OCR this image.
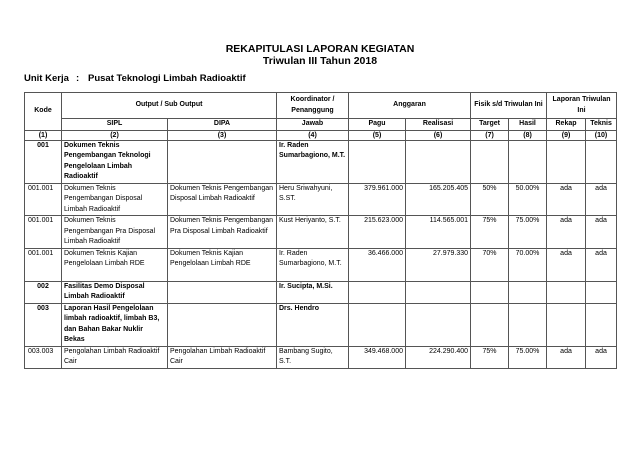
REKAPITULASI LAPORAN KEGIATAN
Triwulan III Tahun 2018
Unit Kerja : Pusat Teknologi Limbah Radioaktif
Kode	Output / Sub Output		Koordinator / Penanggung	Anggaran		Fisik s/d Triwulan Ini		Laporan Triwulan Ini	
	SIPL	DIPA	Jawab	Pagu	Realisasi	Target	Hasil	Rekap	Teknis
(1)	(2)	(3)	(4)	(5)	(6)	(7)	(8)	(9)	(10)
001	Dokumen Teknis Pengembangan Teknologi Pengelolaan Limbah Radioaktif		Ir. Raden Sumarbagiono, M.T.						
001.001	Dokumen Teknis Pengembangan Disposal Limbah Radioaktif	Dokumen Teknis Pengembangan Disposal Limbah Radioaktif	Heru Sriwahyuni, S.ST.	379.961.000	165.205.405	50%	50.00%	ada	ada
001.001	Dokumen Teknis Pengembangan Pra Disposal Limbah Radioaktif	Dokumen Teknis Pengembangan Pra Disposal Limbah Radioaktif	Kust Heriyanto, S.T.	215.623.000	114.565.001	75%	75.00%	ada	ada
001.001	Dokumen Teknis Kajian Pengelolaan Limbah RDE	Dokumen Teknis Kajian Pengelolaan Limbah RDE	Ir. Raden Sumarbagiono, M.T.	36.466.000	27.979.330	70%	70.00%	ada	ada
002	Fasilitas Demo Disposal Limbah Radioaktif		Ir. Sucipta, M.Si.						
003	Laporan Hasil Pengelolaan limbah radioaktif, limbah B3, dan Bahan Bakar Nuklir Bekas		Drs. Hendro						
003.003	Pengolahan Limbah Radioaktif Cair	Pengolahan Limbah Radioaktif Cair	Bambang Sugito, S.T.	349.468.000	224.290.400	75%	75.00%	ada	ada
